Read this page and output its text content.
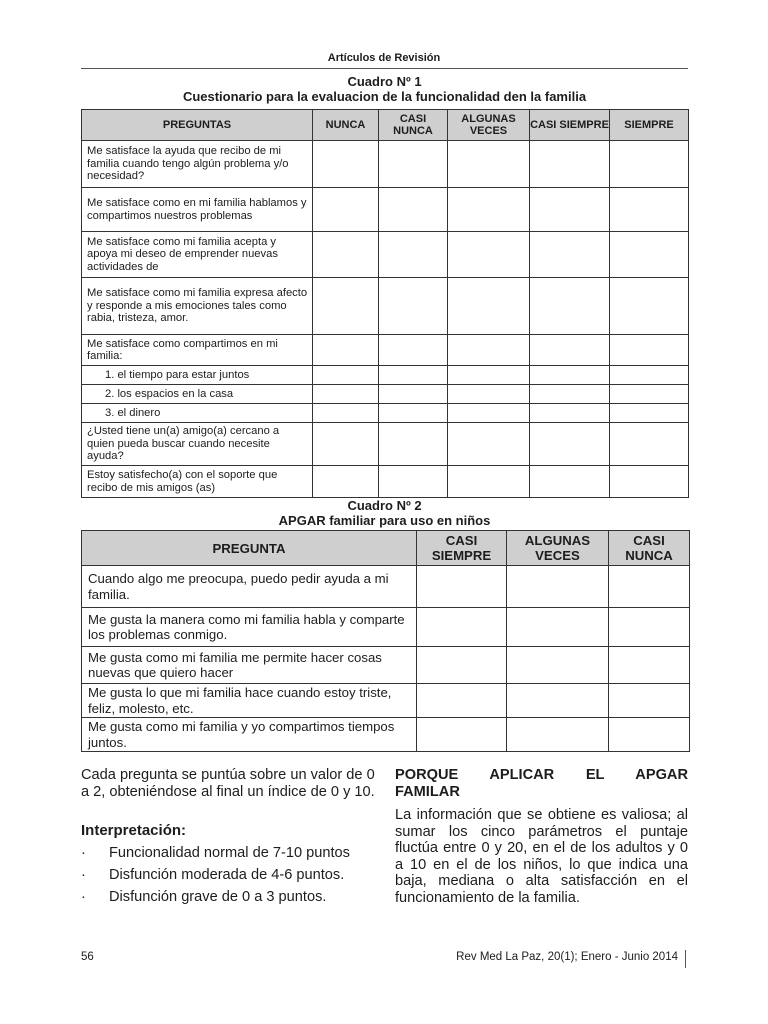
Artículos de Revisión
Cuadro Nº 1
Cuestionario para la evaluacion de la funcionalidad den la familia
PREGUNTAS	NUNCA	CASI NUNCA	ALGUNAS VECES	CASI SIEMPRE	SIEMPRE
Me satisface la ayuda que recibo de mi familia cuando tengo algún problema y/o necesidad?					
Me satisface como en mi familia hablamos y compartimos nuestros problemas					
Me satisface como mi familia acepta y apoya mi deseo de emprender nuevas actividades de					
Me satisface como mi familia expresa afecto y responde a mis emociones tales como rabia, tristeza, amor.					
Me satisface como compartimos en mi familia:					
1. el tiempo para estar juntos					
2. los espacios en la casa					
3. el dinero					
¿Usted tiene un(a) amigo(a) cercano a quien pueda buscar cuando necesite ayuda?					
Estoy satisfecho(a) con el soporte que recibo de mis amigos (as)					
Cuadro Nº 2
APGAR familiar para uso en niños
PREGUNTA	CASI SIEMPRE	ALGUNAS VECES	CASI NUNCA
Cuando algo me preocupa, puedo pedir ayuda a mi familia.			
Me gusta la manera como mi familia habla y comparte los problemas conmigo.			
Me gusta como mi familia me permite hacer cosas nuevas que quiero hacer			
Me gusta lo que mi familia hace cuando estoy triste, feliz, molesto, etc.			
Me gusta como mi familia y yo compartimos tiempos juntos.			
Cada pregunta se puntúa sobre un valor de 0 a 2, obteniéndose al final un índice de 0 y 10.
Interpretación:
· Funcionalidad normal de 7-10 puntos
· Disfunción moderada de 4-6 puntos.
· Disfunción grave de 0 a 3 puntos.
PORQUE APLICAR EL APGAR FAMILAR
La información que se obtiene es valiosa; al sumar los cinco parámetros el puntaje fluctúa entre 0 y 20, en el de los adultos y 0 a 10 en el de los niños, lo que indica una baja, mediana o alta satisfacción en el funcionamiento de la familia.
56	Rev Med La Paz, 20(1); Enero - Junio 2014
